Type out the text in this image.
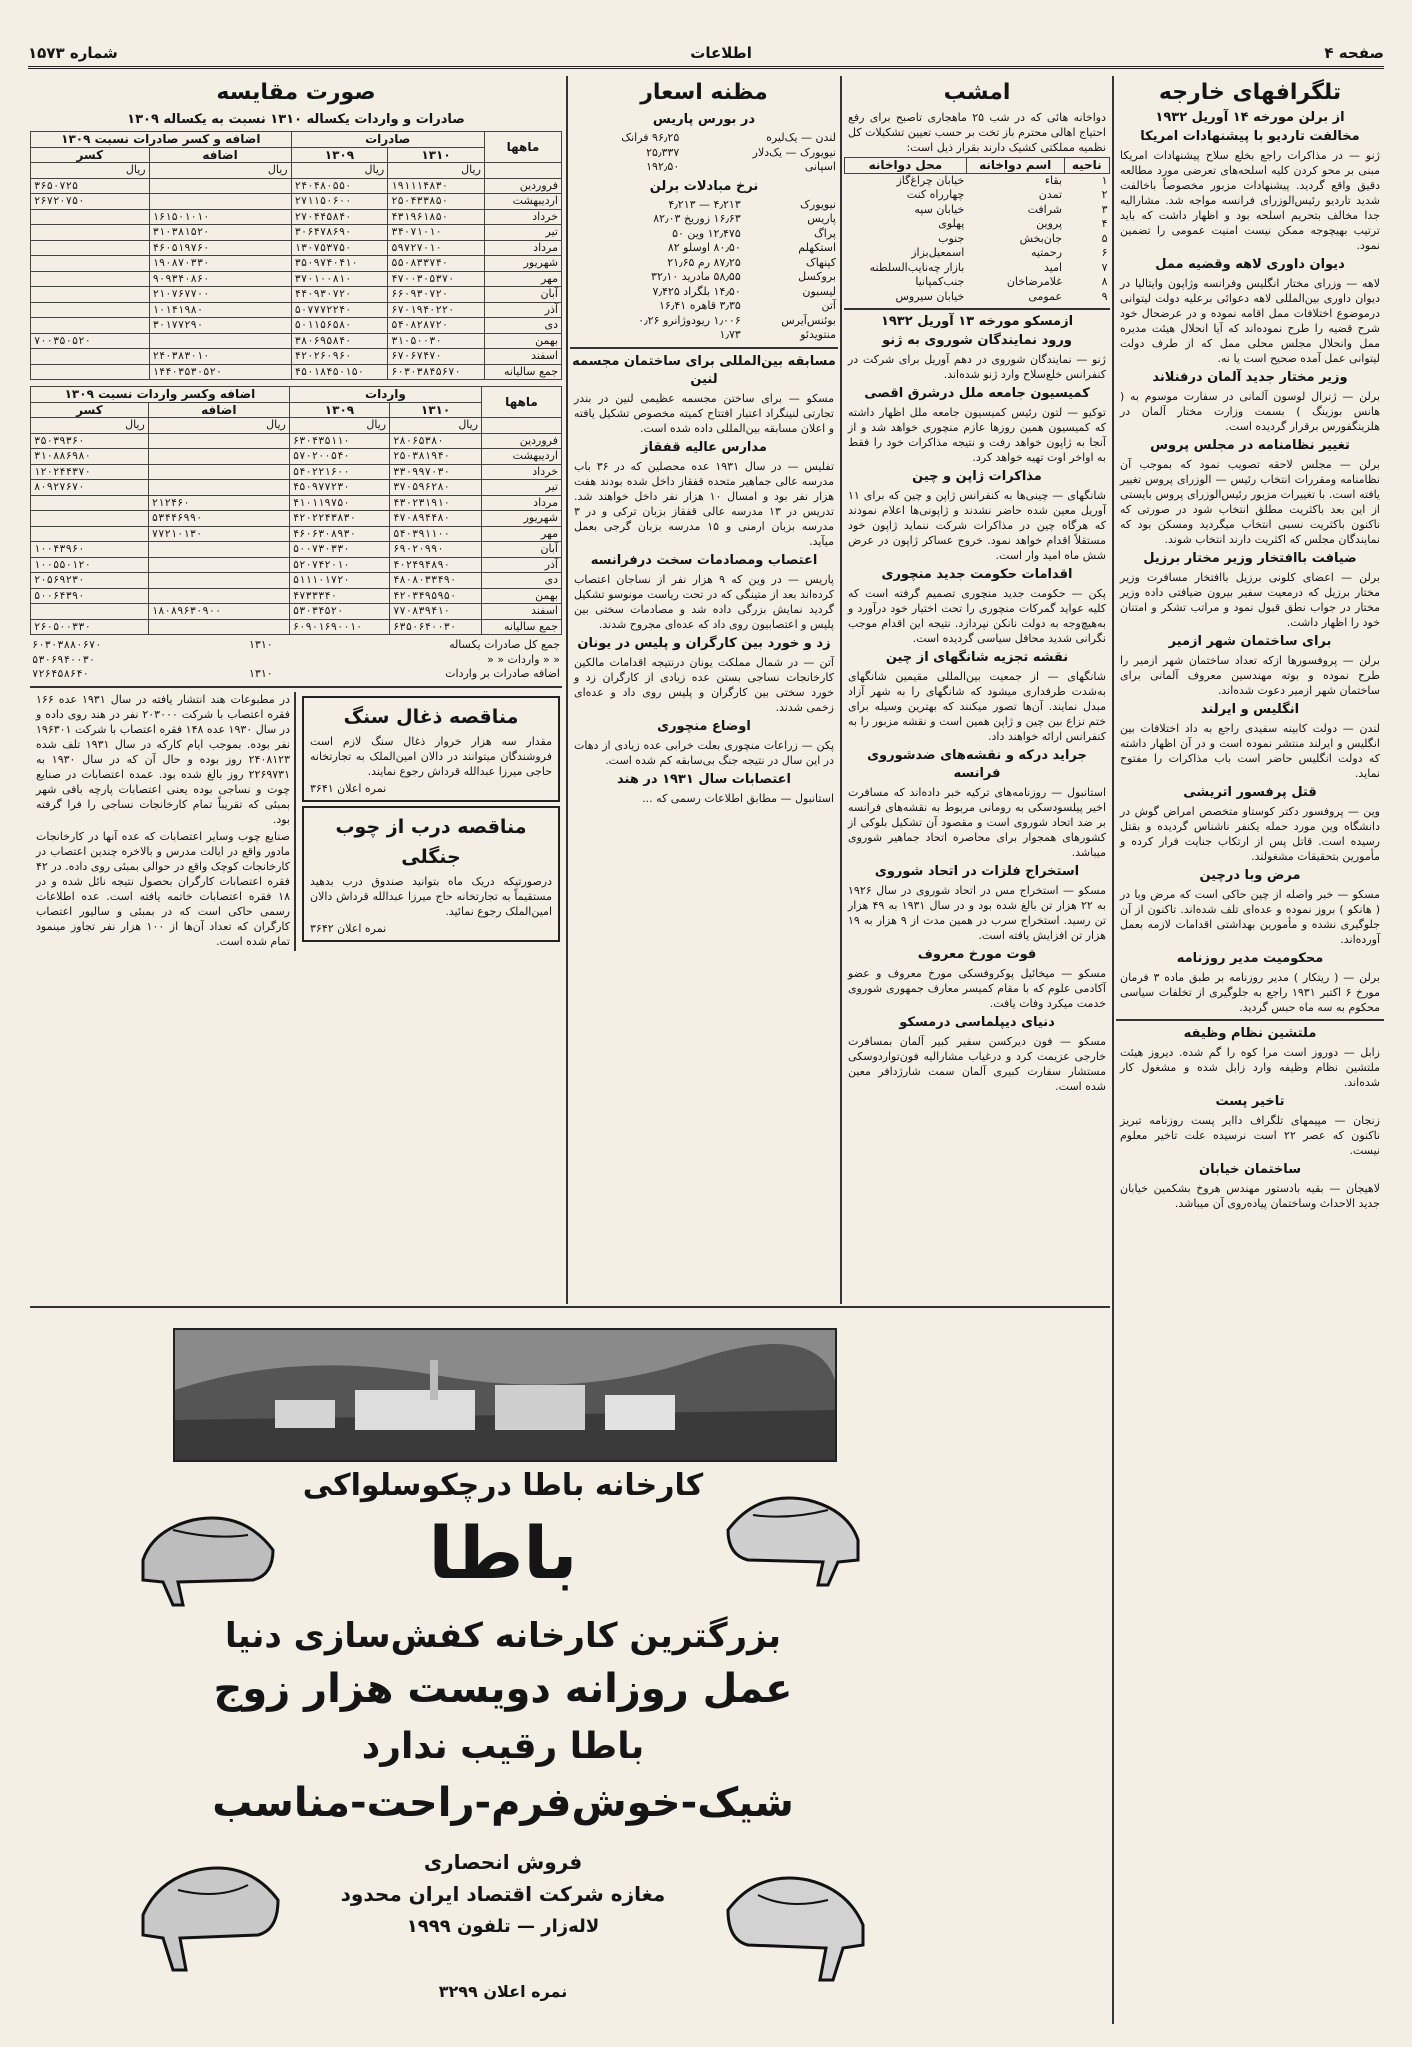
صفحه ۴
اطلاعات
شماره ۱۵۷۳
تلگرافهای خارجه
از برلن مورخه ۱۴ آوریل ۱۹۳۲
مخالفت تاردیو با پیشنهادات امریکا
ژنو — در مذاکرات راجع بخلع سلاح پیشنهادات امریکا مبنی بر محو کردن کلیه اسلحه‌های تعرضی مورد مطالعه دقیق واقع گردید. پیشنهادات مزبور مخصوصاً باخالفت شدید تاردیو رئیس‌الوزرای فرانسه مواجه شد. مشارالیه جدا مخالف بتحریم اسلحه بود و اظهار داشت که باید ترتیب بهیچوجه ممکن نیست امنیت عمومی را تضمین نمود.
دیوان داوری لاهه وقضیه ممل
لاهه — وزرای مختار انگلیس وفرانسه وژاپون وایتالیا در دیوان داوری بین‌المللی لاهه دعوائی برعلیه دولت لیتوانی درموضوع اختلافات ممل اقامه نموده و در عرضحال خود شرح قضیه را طرح نموده‌اند که آیا انحلال هیئت مدیره ممل وانحلال مجلس محلی ممل که از طرف دولت لیتوانی عمل آمده صحیح است یا نه.
وزیر مختار جدید آلمان درفنلاند
برلن — ژنرال لوسون آلمانی در سفارت موسوم به ( هانس بوزینگ ) بسمت وزارت مختار آلمان در هلزینگفورس برقرار گردیده است.
تغییر نظامنامه در مجلس پروس
برلن — مجلس لاحقه تصویب نمود که بموجب آن نظامنامه ومقررات انتخاب رئیس — الوزرای پروس تغییر یافته است. با تغییرات مزبور رئیس‌الوزرای پروس بایستی از این بعد باکثریت مطلق انتخاب شود در صورتی که ناکنون باکثریت نسبی انتخاب میگردید ومسکن بود که نمایندگان مجلس که اکثریت دارند انتخاب شوند.
ضیافت باافتخار وزیر مختار برزیل
برلن — اعضای کلونی برزیل باافتخار مسافرت وزیر مختار برزیل که درمعیت سفیر بیرون ضیافتی داده وزیر مختار در جواب نطق قبول نمود و مراتب تشکر و امتنان خود را اظهار داشت.
برای ساختمان شهر ازمیر
برلن — پروفسورها ازکه تعداد ساختمان شهر ازمیر را طرح نموده و بوته مهندسین معروف آلمانی برای ساختمان شهر ازمیر دعوت شده‌اند.
انگلیس و ایرلند
لندن — دولت کابینه سفیدی راجع به داد اختلافات بین انگلیس و ایرلند منتشر نموده است و در آن اظهار داشته که دولت انگلیس حاضر است باب مذاکرات را مفتوح نماید.
قتل پرفسور اتریشی
وین — پروفسور دکتر کوستاو متخصص امراض گوش در دانشگاه وین مورد حمله یکنفر ناشناس گردیده و بقتل رسیده است. قاتل پس از ارتکاب جنایت فرار کرده و مأمورین بتحقیقات مشغولند.
مرض وبا درچین
مسکو — خبر واصله از چین حاکی است که مرض وبا در ( هانکو ) بروز نموده و عده‌ای تلف شده‌اند. تاکنون از آن جلوگیری نشده و مأمورین بهداشتی اقدامات لازمه بعمل آورده‌اند.
محکومیت مدیر روزنامه
برلن — ( ریتکار ) مدیر روزنامه بر طبق ماده ۳ فرمان مورخ ۶ اکتبر ۱۹۳۱ راجع به جلوگیری از تخلفات سیاسی محکوم به سه ماه حبس گردید.
ملتشین نظام وظیفه
زابل — دوروز است مرا کوه را گم شده. دیروز هیئت ملتشین نظام وظیفه وارد زابل شده و مشغول کار شده‌اند.
تاخیر پست
زنجان — مپیمهای تلگراف داایر پست روزنامه تبریز ناکنون که عصر ۲۲ است نرسیده علت تاخیر معلوم نیست.
ساختمان خیابان
لاهیجان — بقیه بادستور مهندس هروخ بشکمین خیابان جدید الاحداث وساختمان پیاده‌روی آن میباشد.
امشب
دواخانه هائی که در شب ۲۵ ماهجاری تاصبح برای رفع احتیاج اهالی محترم باز تخت بر حسب تعیین تشکیلات کل نظمیه مملکتی کشیک دارند بقرار ذیل است:
ناحیه	اسم دواخانه	محل دواخانه
۱	بقاء	خیابان چراغ‌گاز
۲	تمدن	چهارراه کنت
۳	شرافت	خیابان سپه
۴	پروین	پهلوی
۵	جان‌بخش	جنوب
۶	رحمتیه	اسمعیل‌بزاز
۷	امید	بازار چه‌نایب‌السلطنه
۸	غلامرضاخان	جنب‌کمپانیا
۹	عمومی	خیابان سیروس
ازمسکو مورخه ۱۳ آوریل ۱۹۳۲
ورود نمایندگان شوروی به ژنو
ژنو — نمایندگان شوروی در دهم آوریل برای شرکت در کنفرانس خلع‌سلاح وارد ژنو شده‌اند.
کمیسیون جامعه ملل درشرق اقصی
توکیو — لتون رئیس کمیسیون جامعه ملل اظهار داشته که کمیسیون همین روزها عازم منچوری خواهد شد و از آنجا به ژاپون خواهد رفت و نتیجه مذاکرات خود را فقط به اواخر اوت تهیه خواهد کرد.
مذاکرات ژاپن و چین
شانگهای — چینی‌ها به کنفرانس ژاپن و چین که برای ۱۱ آوریل معین شده حاضر نشدند و ژاپونی‌ها اعلام نمودند که هرگاه چین در مذاکرات شرکت ننماید ژاپون خود مستقلاً اقدام خواهد نمود. خروج عساکر ژاپون در عرض شش ماه امید وار است.
اقدامات حکومت جدید منچوری
پکن — حکومت جدید منچوری تصمیم گرفته است که کلیه عواید گمرکات منچوری را تحت اختیار خود درآورد و به‌هیچ‌وجه به دولت نانکن نپردازد. نتیجه این اقدام موجب نگرانی شدید محافل سیاسی گردیده است.
نقشه تجزیه شانگهای از چین
شانگهای — از جمعیت بین‌المللی مقیمین شانگهای به‌شدت طرفداری میشود که شانگهای را به شهر آزاد مبدل نمایند. آن‌ها تصور میکنند که بهترین وسیله برای ختم نزاع بین چین و ژاپن همین است و نقشه مزبور را به کنفرانس ارائه خواهند داد.
جراید درکه و نقشه‌های ضدشوروی فرانسه
استانبول — روزنامه‌های ترکیه خبر داده‌اند که مسافرت اخیر پیلسودسکی به رومانی مربوط به نقشه‌های فرانسه بر ضد اتحاد شوروی است و مقصود آن تشکیل بلوکی از کشورهای همجوار برای محاصره اتحاد جماهیر شوروی میباشد.
استخراج فلزات در اتحاد شوروی
مسکو — استخراج مس در اتحاد شوروی در سال ۱۹۲۶ به ۲۲ هزار تن بالغ شده بود و در سال ۱۹۳۱ به ۴۹ هزار تن رسید. استخراج سرب در همین مدت از ۹ هزار به ۱۹ هزار تن افزایش یافته است.
فوت مورخ معروف
مسکو — میخائیل پوکروفسکی مورخ معروف و عضو آکادمی علوم که با مقام کمیسر معارف جمهوری شوروی خدمت میکرد وفات یافت.
دنیای دیپلماسی درمسکو
مسکو — فون دیرکسن سفیر کبیر آلمان بمسافرت خارجی عزیمت کرد و درغیاب مشارالیه فون‌تواردوسکی مستشار سفارت کبیری آلمان سمت شارژدافر معین شده است.
مظنه اسعار
در بورس پاریس
لندن — یک‌لیره	۹۶٫۲۵ فرانک
نیویورک — یک‌دلار	۲۵٫۳۳۷
اسپانی	۱۹۲٫۵۰
نرخ مبادلات برلن
نیویورک	۴٫۲۱۳ — ۴٫۲۱۳
پاریس	۱۶٫۶۳ زوریخ ۸۲٫۰۳
پراگ	۱۲٫۴۷۵ وین ۵۰
استکهلم	۸۰٫۵۰ اوسلو ۸۲
کپنهاک	۸۷٫۲۵ رم ۲۱٫۶۵
بروکسل	۵۸٫۵۵ مادرید ۳۲٫۱۰
لیسبون	۱۴٫۵۰ بلگراد ۷٫۴۲۵
آتن	۳٫۳۵ قاهره ۱۶٫۴۱
بوئنس‌آیرس	۱٫۰۰۶ ریودوژانرو ۰٫۲۶
منتوید‌ئو	۱٫۷۳
مسابقه بین‌المللی برای ساختمان مجسمه لنین
مسکو — برای ساختن مجسمه عظیمی لنین در بندر تجارتی لنینگراد اعتبار افتتاح کمیته مخصوص تشکیل یافته و اعلان مسابقه بین‌المللی داده شده است.
مدارس عالیه قفقاز
تفلیس — در سال ۱۹۳۱ عده محصلین که در ۳۶ باب مدرسه عالی جماهیر متحده قفقاز داخل شده بودند هفت هزار نفر بود و امسال ۱۰ هزار نفر داخل خواهند شد. تدریس در ۱۳ مدرسه عالی قفقاز بزبان ترکی و در ۳ مدرسه بزبان ارمنی و ۱۵ مدرسه بزبان گرجی بعمل میآید.
اعتصاب ومصادمات سخت درفرانسه
پاریس — در وین که ۹ هزار نفر از نساجان اعتصاب کرده‌اند بعد از متینگی که در تحت ریاست مونوسو تشکیل گردید نمایش بزرگی داده شد و مصادمات سختی بین پلیس و اعتصابیون روی داد که عده‌ای مجروح شدند.
زد و خورد بین کارگران و پلیس در یونان
آتن — در شمال مملکت یونان درنتیجه اقدامات مالکین کارخانجات نساجی بستن عده زیادی از کارگران زد و خورد سختی بین کارگران و پلیس روی داد و عده‌ای زخمی شدند.
اوضاع منچوری
پکن — زراعات منچوری بعلت خرابی عده زیادی از دهات در این سال در نتیجه جنگ بی‌سابقه کم شده است.
اعتصابات سال ۱۹۳۱ در هند
استانبول — مطابق اطلاعات رسمی که ...
صورت مقایسه
صادرات و واردات یکساله ۱۳۱۰ نسبت به یکساله ۱۳۰۹
ماهها	صادرات		اضافه و کسر صادرات نسبت ۱۳۰۹	
	۱۳۱۰	۱۳۰۹	اضافه	کسر
	ریال	ریال	ریال	ریال
فروردین	۱۹۱۱۱۴۸۳۰	۲۴۰۴۸۰۵۵۰		۳۶۵۰۷۲۵
اردیبهشت	۲۵۰۴۳۳۸۵۰	۲۷۱۱۵۰۶۰۰		۲۶۷۲۰۷۵۰
خرداد	۴۳۱۹۶۱۸۵۰	۲۷۰۴۴۵۸۴۰	۱۶۱۵۰۱۰۱۰	
تیر	۳۴۰۷۱۰۱۰	۳۰۶۴۷۸۶۹۰	۳۱۰۳۸۱۵۲۰	
مرداد	۵۹۷۲۷۰۱۰	۱۳۰۷۵۳۷۵۰	۴۶۰۵۱۹۷۶۰	
شهریور	۵۵۰۸۳۳۷۴۰	۳۵۰۹۷۴۰۴۱۰	۱۹۰۸۷۰۳۳۰	
مهر	۴۷۰۰۳۰۵۳۷۰	۳۷۰۱۰۰۸۱۰	۹۰۹۳۴۰۸۶۰	
آبان	۶۶۰۹۳۰۷۲۰	۴۴۰۹۳۰۷۲۰	۲۱۰۷۶۷۷۰۰	
آذر	۶۷۰۱۹۴۰۲۲۰	۵۰۷۷۷۲۲۴۰	۱۰۱۴۱۹۸۰	
دی	۵۴۰۸۲۸۷۲۰	۵۰۱۱۵۶۵۸۰	۳۰۱۷۷۲۹۰	
بهمن	۳۱۰۵۰۰۳۰	۳۸۰۶۹۵۸۴۰		۷۰۰۳۵۰۵۲۰
اسفند	۶۷۰۶۷۴۷۰	۴۲۰۲۶۰۹۶۰	۲۴۰۳۸۳۰۱۰	
جمع سالیانه	۶۰۳۰۳۸۴۵۶۷۰	۴۵۰۱۸۴۵۰۱۵۰	۱۴۴۰۳۵۳۰۵۲۰	
ماهها	واردات		اضافه وکسر واردات نسبت ۱۳۰۹	
	۱۳۱۰	۱۳۰۹	اضافه	کسر
	ریال	ریال	ریال	ریال
فروردین	۲۸۰۶۵۳۸۰	۶۳۰۴۳۵۱۱۰		۳۵۰۳۹۳۶۰
اردیبهشت	۲۵۰۳۸۱۹۴۰	۵۷۰۲۰۰۵۴۰		۳۱۰۸۸۶۹۸۰
خرداد	۳۳۰۹۹۷۰۳۰	۵۴۰۲۲۱۶۰۰		۱۲۰۲۴۴۳۷۰
تیر	۳۷۰۵۹۶۲۸۰	۴۵۰۹۷۷۲۳۰		۸۰۹۲۷۶۷۰
مرداد	۴۳۰۲۳۱۹۱۰	۴۱۰۱۱۹۷۵۰	۲۱۲۴۶۰	
شهریور	۴۷۰۸۹۴۴۸۰	۴۲۰۲۲۴۳۸۳۰	۵۳۴۴۶۹۹۰	
مهر	۵۴۰۳۹۱۱۰۰	۴۶۰۶۳۰۸۹۳۰	۷۷۲۱۰۱۳۰	
آبان	۶۹۰۲۰۹۹۰	۵۰۰۷۳۰۳۳۰		۱۰۰۴۳۹۶۰
آذر	۴۰۲۴۹۴۸۹۰	۵۲۰۷۴۲۰۱۰		۱۰۰۵۵۰۱۲۰
دی	۴۸۰۸۰۳۳۴۹۰	۵۱۱۱۰۱۷۲۰		۲۰۵۶۹۲۳۰
بهمن	۴۲۰۳۴۹۵۹۵۰	۴۷۳۳۳۴۰		۵۰۰۶۴۳۹۰
اسفند	۷۷۰۸۳۹۴۱۰	۵۳۰۳۴۵۲۰	۱۸۰۸۹۶۳۰۹۰۰	
جمع سالیانه	۶۳۵۰۶۴۰۰۳۰	۶۰۹۰۱۶۹۰۰۱۰		۲۶۰۵۰۰۳۳۰
جمع کل صادرات یکساله	۱۳۱۰	۶۰۳۰۳۸۸۰۶۷۰
« « واردات « «		۵۳۰۶۹۴۰۰۳۰
اضافه صادرات بر واردات	۱۳۱۰	۷۲۶۴۵۸۶۴۰
مناقصه ذغال سنگ
مقدار سه هزار خروار ذغال سنگ لازم است فروشندگان میتوانند در دالان امین‌الملک به تجارتخانه حاجی میرزا عبدالله قرداش رجوع نمایند.
نمره اعلان ۳۶۴۱
مناقصه درب از چوب جنگلی
درصورتیکه دریک ماه بتوانید صندوق درب بدهید مستقیماً به تجارتخانه حاج میرزا عبدالله قرداش دالان امین‌الملک رجوع نمائید.
نمره اعلان ۳۶۴۲
در مطبوعات هند انتشار یافته در سال ۱۹۳۱ عده ۱۶۶ فقره اعتصاب با شرکت ۲۰۳۰۰۰ نفر در هند روی داده و در سال ۱۹۳۰ عده ۱۴۸ فقره اعتصاب با شرکت ۱۹۶۳۰۱ نفر بوده. بموجب ایام کارکه در سال ۱۹۳۱ تلف شده ۲۴۰۸۱۲۳ روز بوده و حال آن که در سال ۱۹۳۰ به ۲۲۶۹۷۳۱ روز بالغ شده بود. عمده اعتصابات در صنایع چوت و نساجی بوده یعنی اعتصابات پارچه بافی شهر بمبئی که تقریباً تمام کارخانجات نساجی را فرا گرفته بود.
صنایع چوب وسایر اعتصابات که عده آنها در کارخانجات مادور واقع در ایالت مدرس و بالاخره چندین اعتصاب در کارخانجات کوچک واقع در حوالی بمبئی روی داده. در ۴۲ فقره اعتصابات کارگران بحصول نتیجه نائل شده و در ۱۸ فقره اعتصابات خاتمه یافته است. عده اطلاعات رسمی حاکی است که در بمبئی و سالیور اعتصاب کارگران که تعداد آن‌ها از ۱۰۰ هزار نفر تجاوز مینمود تمام شده است.
کارخانه باطا درچکوسلواکی
باطا
بزرگترین کارخانه کفش‌سازی دنیا
عمل روزانه دویست هزار زوج
باطا رقیب ندارد
شیک-خوش‌فرم-راحت-مناسب
فروش انحصاری
مغازه شرکت اقتصاد ایران محدود
لاله‌زار — تلفون ۱۹۹۹
نمره اعلان ۳۲۹۹
